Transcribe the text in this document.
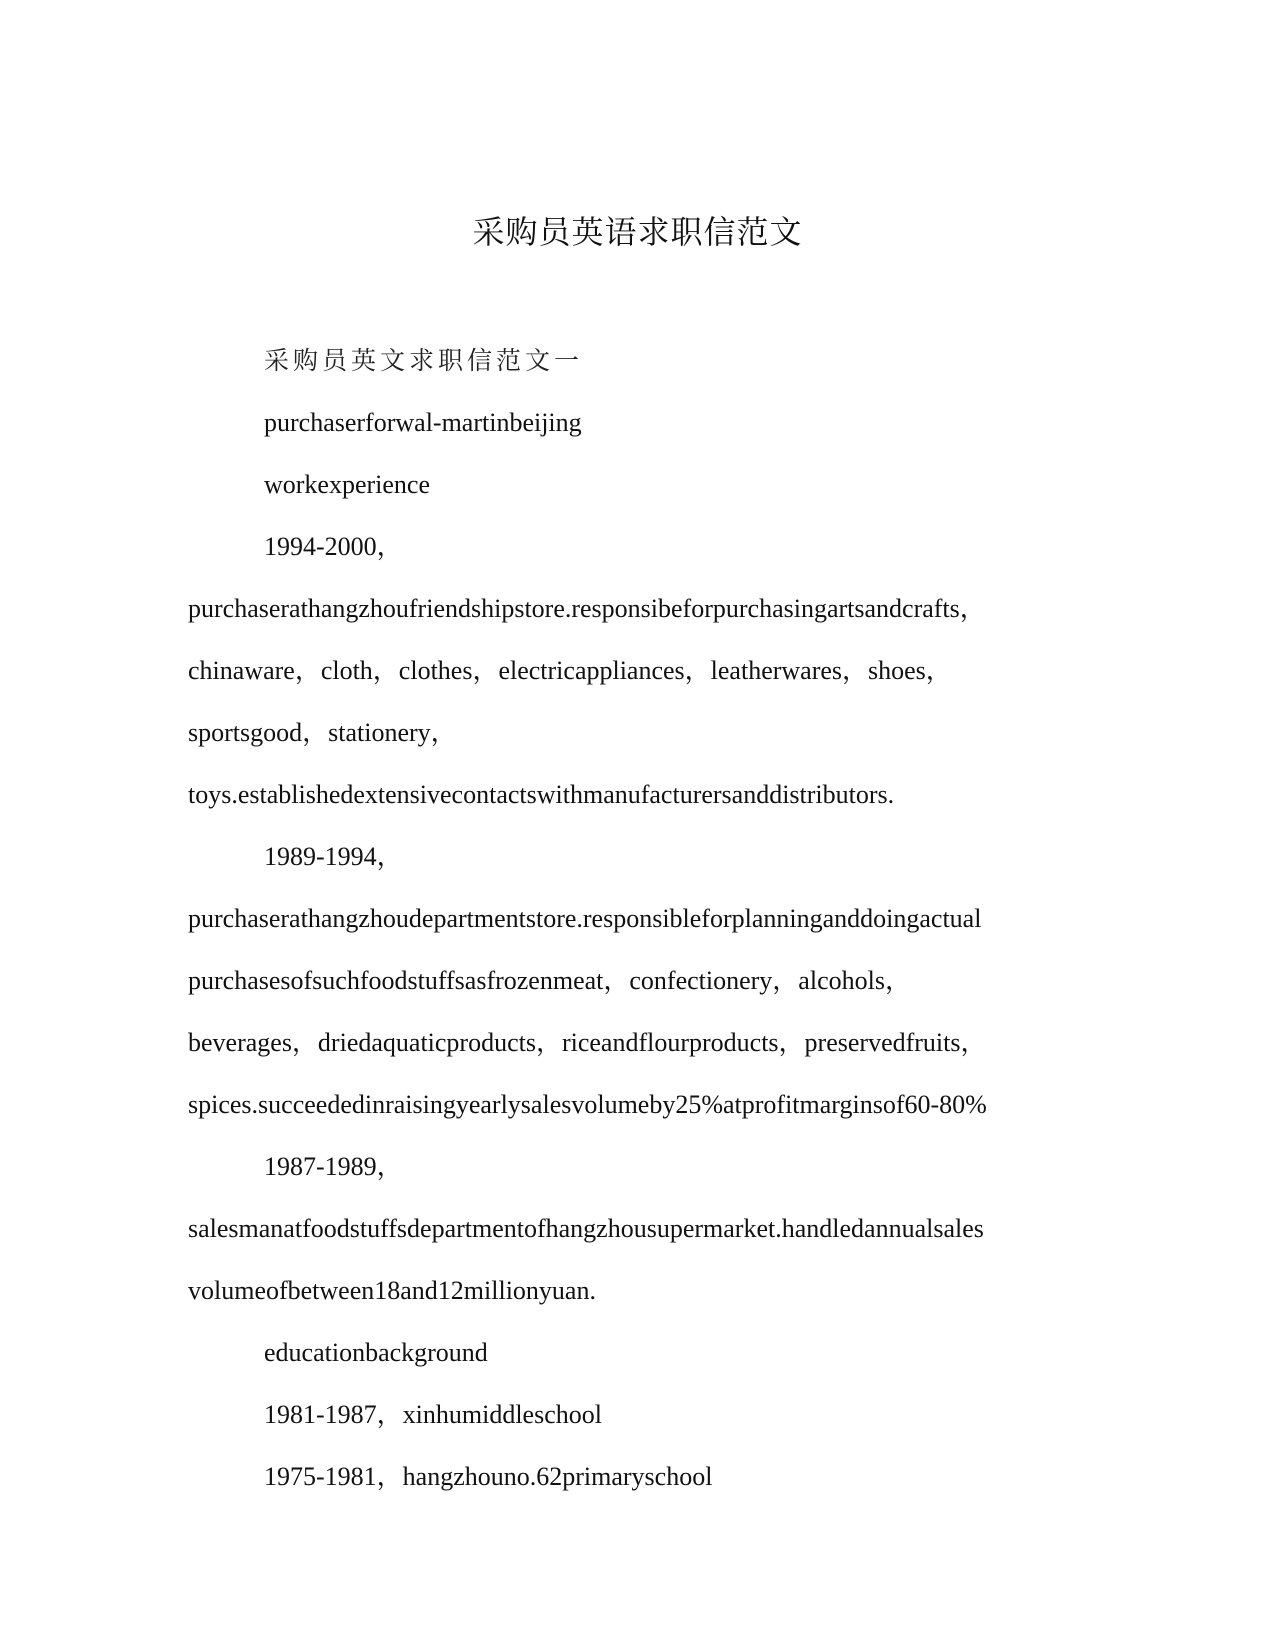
采购员英语求职信范文

采购员英文求职信范文一

purchaserforwal-martinbeijing

workexperience

1994-2000，

purchaserathangzhoufriendshipstore.responsibeforpurchasingartsandcrafts，

chinaware，cloth，clothes，electricappliances，leatherwares，shoes，

sportsgood，stationery，

toys.establishedextensivecontactswithmanufacturersanddistributors.

1989-1994，

purchaserathangzhoudepartmentstore.responsibleforplanninganddoingactual

purchasesofsuchfoodstuffsasfrozenmeat，confectionery，alcohols，

beverages，driedaquaticproducts，riceandflourproducts，preservedfruits，

spices.succeededinraisingyearlysalesvolumeby25%atprofitmarginsof60-80%

1987-1989，

salesmanatfoodstuffsdepartmentofhangzhousupermarket.handledannualsales

volumeofbetween18and12millionyuan.

educationbackground

1981-1987，xinhumiddleschool

1975-1981，hangzhouno.62primaryschool
